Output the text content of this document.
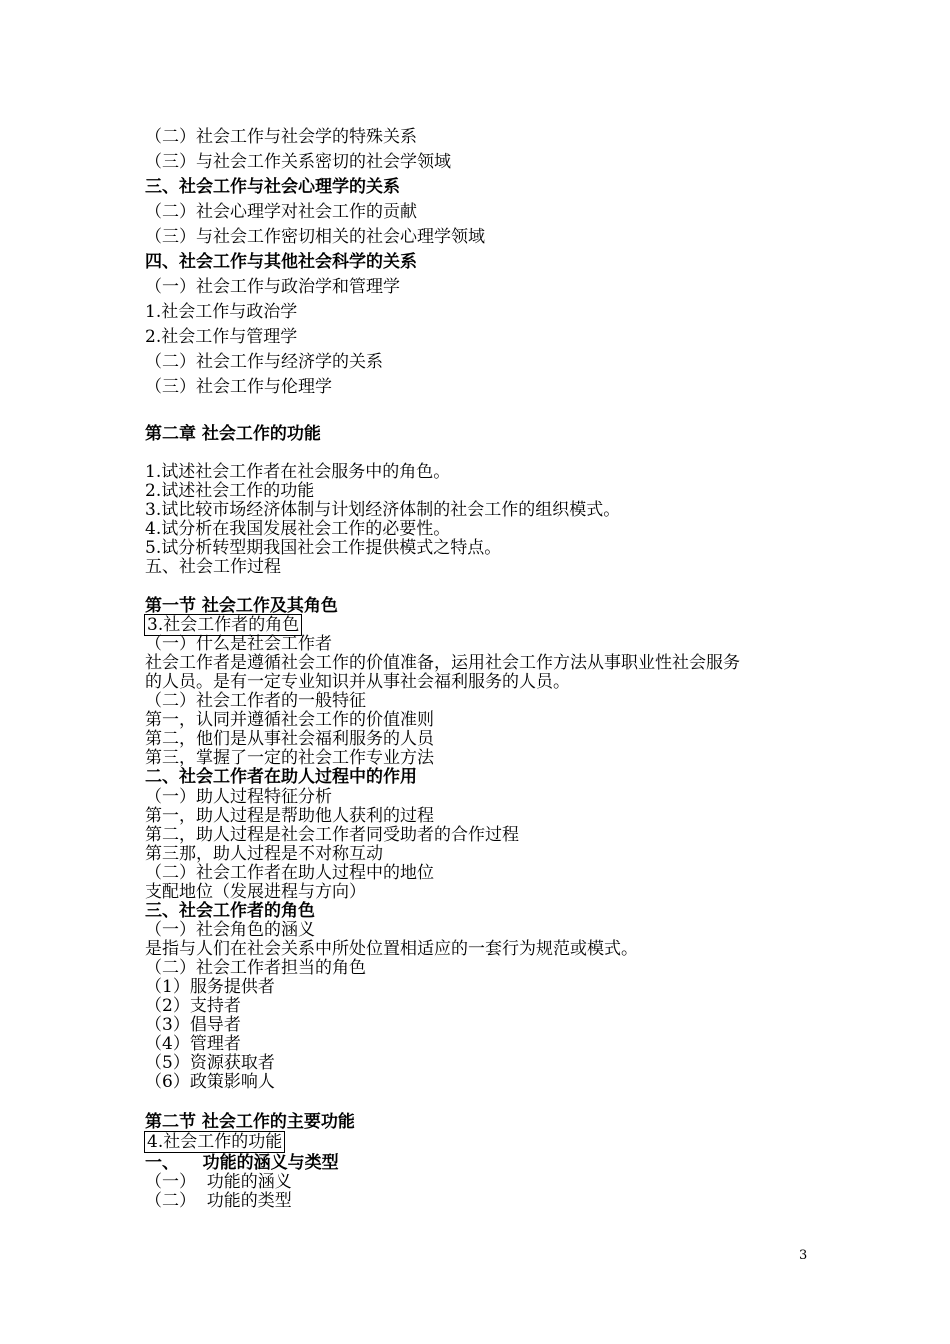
（二）社会工作与社会学的特殊关系
（三）与社会工作关系密切的社会学领域
三、社会工作与社会心理学的关系
（二）社会心理学对社会工作的贡献
（三）与社会工作密切相关的社会心理学领域
四、社会工作与其他社会科学的关系
（一）社会工作与政治学和管理学
1.社会工作与政治学
2.社会工作与管理学
（二）社会工作与经济学的关系
（三）社会工作与伦理学
第二章 社会工作的功能
1.试述社会工作者在社会服务中的角色。
2.试述社会工作的功能
3.试比较市场经济体制与计划经济体制的社会工作的组织模式。
4.试分析在我国发展社会工作的必要性。
5.试分析转型期我国社会工作提供模式之特点。
五、社会工作过程
第一节 社会工作及其角色
3.社会工作者的角色
（一）什么是社会工作者
社会工作者是遵循社会工作的价值准备，运用社会工作方法从事职业性社会服务
的人员。是有一定专业知识并从事社会福利服务的人员。
（二）社会工作者的一般特征
第一，认同并遵循社会工作的价值准则
第二，他们是从事社会福利服务的人员
第三，掌握了一定的社会工作专业方法
二、社会工作者在助人过程中的作用
（一）助人过程特征分析
第一，助人过程是帮助他人获利的过程
第二，助人过程是社会工作者同受助者的合作过程
第三那，助人过程是不对称互动
（二）社会工作者在助人过程中的地位
支配地位（发展进程与方向）
三、社会工作者的角色
（一）社会角色的涵义
是指与人们在社会关系中所处位置相适应的一套行为规范或模式。
（二）社会工作者担当的角色
（1）服务提供者
（2）支持者
（3）倡导者
（4）管理者
（5）资源获取者
（6）政策影响人
第二节 社会工作的主要功能
4.社会工作的功能
一、    功能的涵义与类型
（一）  功能的涵义
（二）  功能的类型
3
